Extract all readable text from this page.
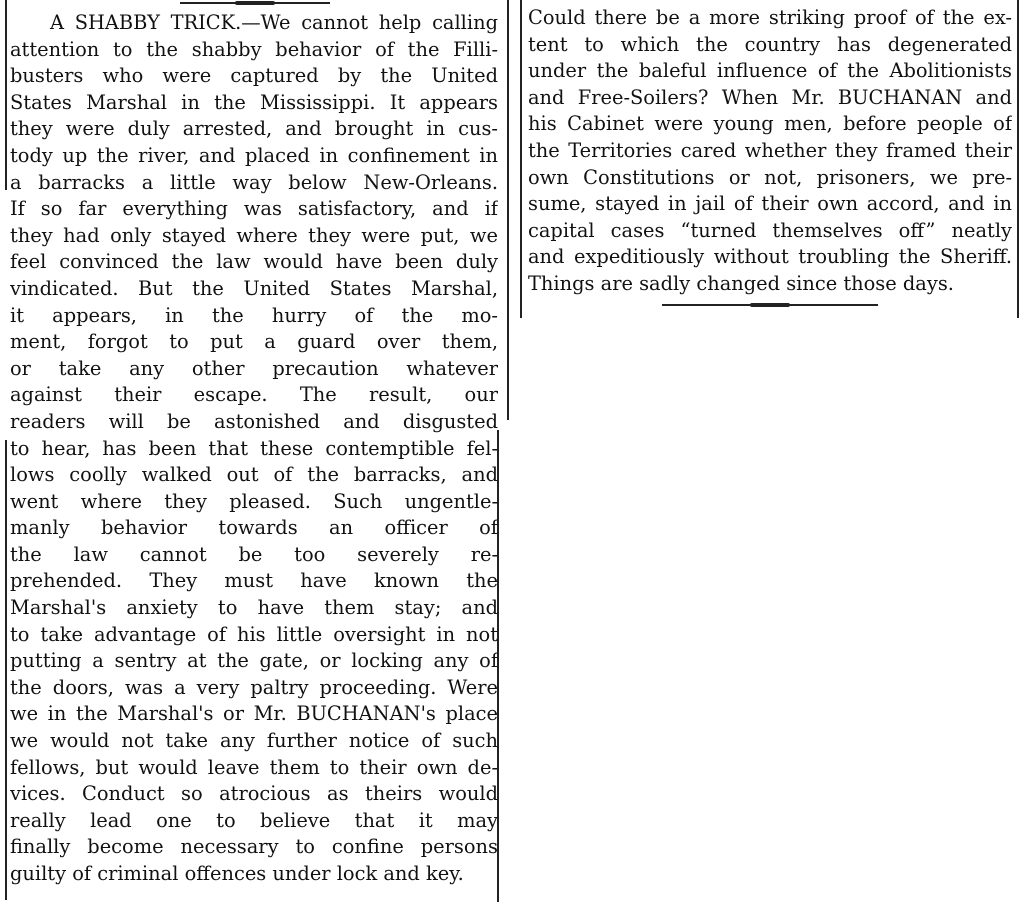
A SHABBY TRICK.—We cannot help calling
attention to the shabby behavior of the Filli-
busters who were captured by the United
States Marshal in the Mississippi. It appears
they were duly arrested, and brought in cus-
tody up the river, and placed in confinement in
a barracks a little way below New-Orleans.
If so far everything was satisfactory, and if
they had only stayed where they were put, we
feel convinced the law would have been duly
vindicated. But the United States Marshal,
it appears, in the hurry of the mo-
ment, forgot to put a guard over them,
or take any other precaution whatever
against their escape. The result, our
readers will be astonished and disgusted
to hear, has been that these contemptible fel-
lows coolly walked out of the barracks, and
went where they pleased. Such ungentle-
manly behavior towards an officer of
the law cannot be too severely re-
prehended. They must have known the
Marshal's anxiety to have them stay; and
to take advantage of his little oversight in not
putting a sentry at the gate, or locking any of
the doors, was a very paltry proceeding. Were
we in the Marshal's or Mr. BUCHANAN's place
we would not take any further notice of such
fellows, but would leave them to their own de-
vices. Conduct so atrocious as theirs would
really lead one to believe that it may
finally become necessary to confine persons
guilty of criminal offences under lock and key.
Could there be a more striking proof of the ex-
tent to which the country has degenerated
under the baleful influence of the Abolitionists
and Free-Soilers? When Mr. BUCHANAN and
his Cabinet were young men, before people of
the Territories cared whether they framed their
own Constitutions or not, prisoners, we pre-
sume, stayed in jail of their own accord, and in
capital cases “turned themselves off” neatly
and expeditiously without troubling the Sheriff.
Things are sadly changed since those days.
